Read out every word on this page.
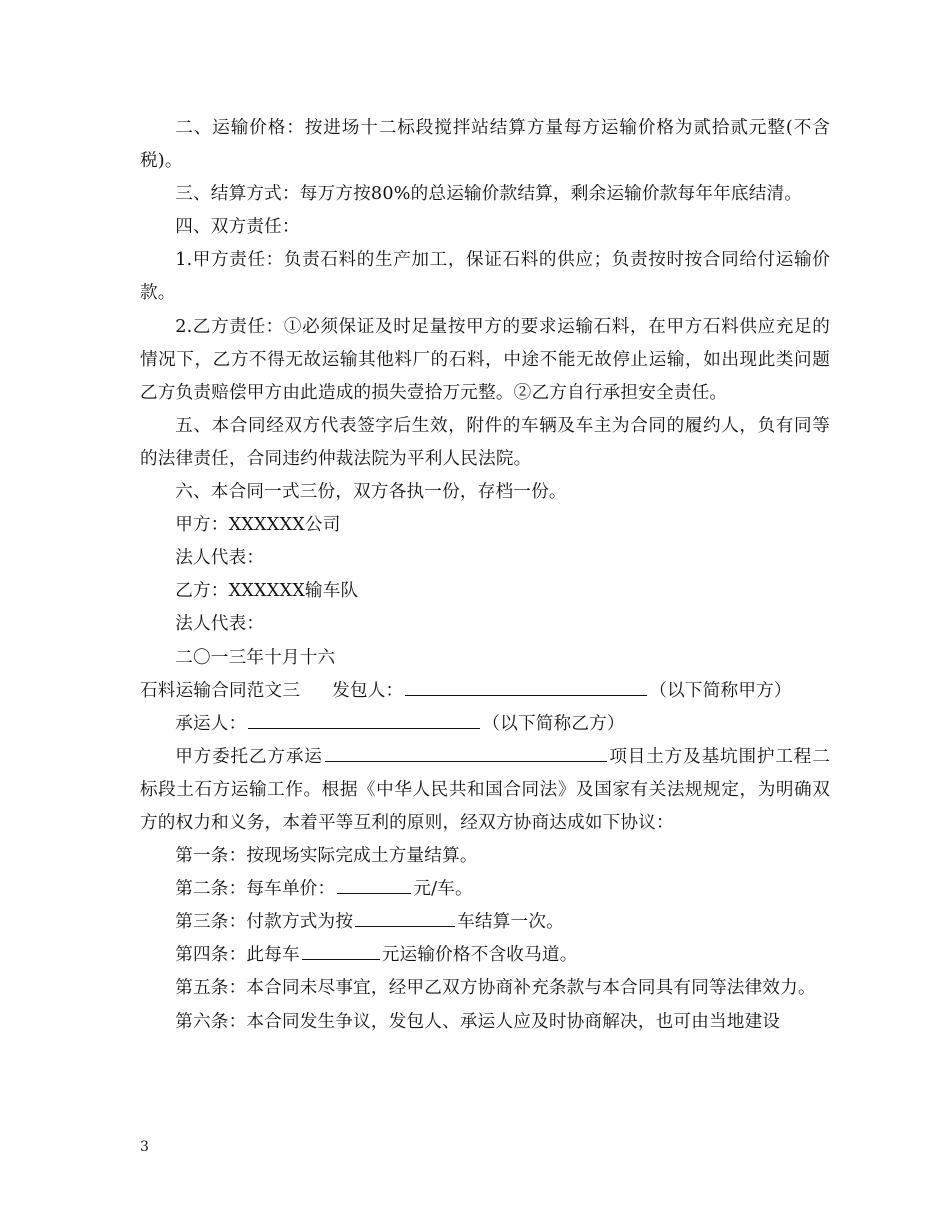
二、运输价格：按进场十二标段搅拌站结算方量每方运输价格为贰拾贰元整(不含税)。

三、结算方式：每万方按80%的总运输价款结算，剩余运输价款每年年底结清。

四、双方责任：

1.甲方责任：负责石料的生产加工，保证石料的供应；负责按时按合同给付运输价款。

2.乙方责任：①必须保证及时足量按甲方的要求运输石料，在甲方石料供应充足的情况下，乙方不得无故运输其他料厂的石料，中途不能无故停止运输，如出现此类问题乙方负责赔偿甲方由此造成的损失壹拾万元整。②乙方自行承担安全责任。

五、本合同经双方代表签字后生效，附件的车辆及车主为合同的履约人，负有同等的法律责任，合同违约仲裁法院为平利人民法院。

六、本合同一式三份，双方各执一份，存档一份。

甲方：XXXXXX公司

法人代表：

乙方：XXXXXX输车队

法人代表：

二〇一三年十月十六

石料运输合同范文三 发包人：	（以下简称甲方）

承运人：	（以下简称乙方）

甲方委托乙方承运	项目土方及基坑围护工程二标段土石方运输工作。根据《中华人民共和国合同法》及国家有关法规规定，为明确双方的权力和义务，本着平等互利的原则，经双方协商达成如下协议：

第一条：按现场实际完成土方量结算。

第二条：每车单价：	元/车。

第三条：付款方式为按	车结算一次。

第四条：此每车	元运输价格不含收马道。

第五条：本合同未尽事宜，经甲乙双方协商补充条款与本合同具有同等法律效力。

第六条：本合同发生争议，发包人、承运人应及时协商解决，也可由当地建设

3
